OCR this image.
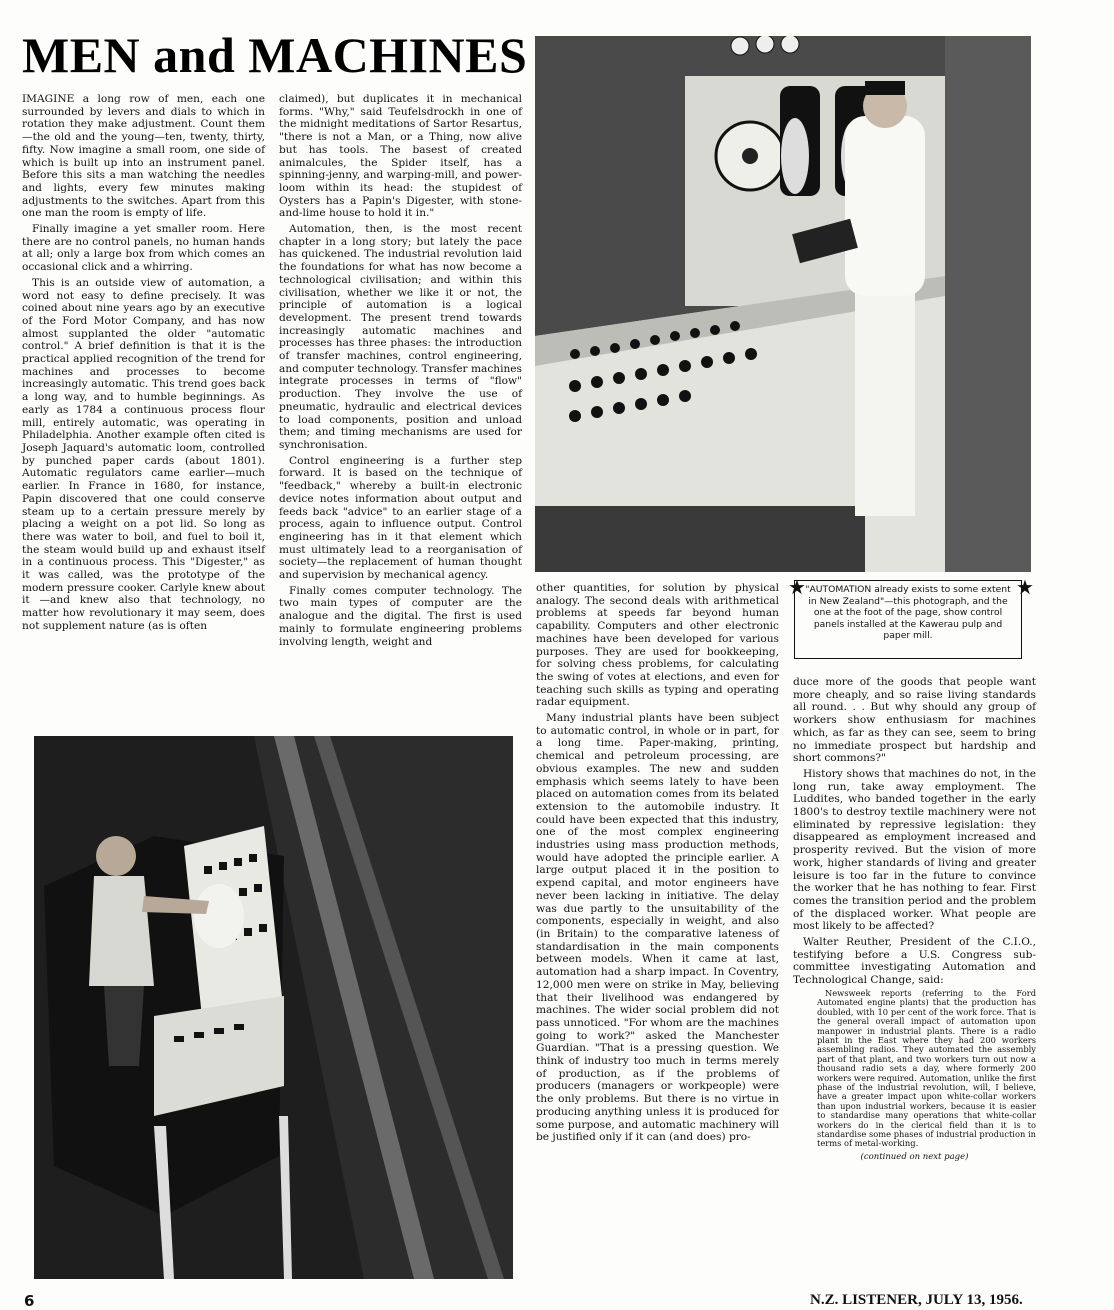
MEN and MACHINES

IMAGINE a long row of men, each one surrounded by levers and dials to which in rotation they make adjustment. Count them—the old and the young—ten, twenty, thirty, fifty. Now imagine a small room, one side of which is built up into an instrument panel. Before this sits a man watching the needles and lights, every few minutes making adjustments to the switches. Apart from this one man the room is empty of life.

Finally imagine a yet smaller room. Here there are no control panels, no human hands at all; only a large box from which comes an occasional click and a whirring.

This is an outside view of automation, a word not easy to define precisely. It was coined about nine years ago by an executive of the Ford Motor Company, and has now almost supplanted the older "automatic control." A brief definition is that it is the practical applied recognition of the trend for machines and processes to become increasingly automatic. This trend goes back a long way, and to humble beginnings. As early as 1784 a continuous process flour mill, entirely automatic, was operating in Philadelphia. Another example often cited is Joseph Jaquard's automatic loom, controlled by punched paper cards (about 1801). Automatic regulators came earlier—much earlier. In France in 1680, for instance, Papin discovered that one could conserve steam up to a certain pressure merely by placing a weight on a pot lid. So long as there was water to boil, and fuel to boil it, the steam would build up and exhaust itself in a continuous process. This "Digester," as it was called, was the prototype of the modern pressure cooker. Carlyle knew about it —and knew also that technology, no matter how revolutionary it may seem, does not supplement nature (as is often

claimed), but duplicates it in mechanical forms. "Why," said Teufelsdrockh in one of the midnight meditations of Sartor Resartus, "there is not a Man, or a Thing, now alive but has tools. The basest of created animalcules, the Spider itself, has a spinning-jenny, and warping-mill, and power-loom within its head: the stupidest of Oysters has a Papin's Digester, with stone-and-lime house to hold it in."

Automation, then, is the most recent chapter in a long story; but lately the pace has quickened. The industrial revolution laid the foundations for what has now become a technological civilisation; and within this civilisation, whether we like it or not, the principle of automation is a logical development. The present trend towards increasingly automatic machines and processes has three phases: the introduction of transfer machines, control engineering, and computer technology. Transfer machines integrate processes in terms of "flow" production. They involve the use of pneumatic, hydraulic and electrical devices to load components, position and unload them; and timing mechanisms are used for synchronisation.

Control engineering is a further step forward. It is based on the technique of "feedback," whereby a built-in electronic device notes information about output and feeds back "advice" to an earlier stage of a process, again to influence output. Control engineering has in it that element which must ultimately lead to a reorganisation of society—the replacement of human thought and supervision by mechanical agency.

Finally comes computer technology. The two main types of computer are the analogue and the digital. The first is used mainly to formulate engineering problems involving length, weight and

other quantities, for solution by physical analogy. The second deals with arithmetical problems at speeds far beyond human capability. Computers and other electronic machines have been developed for various purposes. They are used for bookkeeping, for solving chess problems, for calculating the swing of votes at elections, and even for teaching such skills as typing and operating radar equipment.

Many industrial plants have been subject to automatic control, in whole or in part, for a long time. Paper-making, printing, chemical and petroleum processing, are obvious examples. The new and sudden emphasis which seems lately to have been placed on automation comes from its belated extension to the automobile industry. It could have been expected that this industry, one of the most complex engineering industries using mass production methods, would have adopted the principle earlier. A large output placed it in the position to expend capital, and motor engineers have never been lacking in initiative. The delay was due partly to the unsuitability of the components, especially in weight, and also (in Britain) to the comparative lateness of standardisation in the main components between models. When it came at last, automation had a sharp impact. In Coventry, 12,000 men were on strike in May, believing that their livelihood was endangered by machines. The wider social problem did not pass unnoticed. "For whom are the machines going to work?" asked the Manchester Guardian. "That is a pressing question. We think of industry too much in terms merely of production, as if the problems of producers (managers or workpeople) were the only problems. But there is no virtue in producing anything unless it is produced for some purpose, and automatic machinery will be justified only if it can (and does) pro-

★	★
"AUTOMATION already exists to some extent in New Zealand"—this photograph, and the one at the foot of the page, show control panels installed at the Kawerau pulp and paper mill.

duce more of the goods that people want more cheaply, and so raise living standards all round. . . But why should any group of workers show enthusiasm for machines which, as far as they can see, seem to bring no immediate prospect but hardship and short commons?"

History shows that machines do not, in the long run, take away employment. The Luddites, who banded together in the early 1800's to destroy textile machinery were not eliminated by repressive legislation: they disappeared as employment increased and prosperity revived. But the vision of more work, higher standards of living and greater leisure is too far in the future to convince the worker that he has nothing to fear. First comes the transition period and the problem of the displaced worker. What people are most likely to be affected?

Walter Reuther, President of the C.I.O., testifying before a U.S. Congress sub-committee investigating Automation and Technological Change, said:

Newsweek reports (referring to the Ford Automated engine plants) that the production has doubled, with 10 per cent of the work force. That is the general overall impact of automation upon manpower in industrial plants. There is a radio plant in the East where they had 200 workers assembling radios. They automated the assembly part of that plant, and two workers turn out now a thousand radio sets a day, where formerly 200 workers were required. Automation, unlike the first phase of the industrial revolution, will, I believe, have a greater impact upon white-collar workers than upon industrial workers, because it is easier to standardise many operations that white-collar workers do in the clerical field than it is to standardise some phases of industrial production in terms of metal-working.
(continued on next page)
6	N.Z. LISTENER, JULY 13, 1956.
